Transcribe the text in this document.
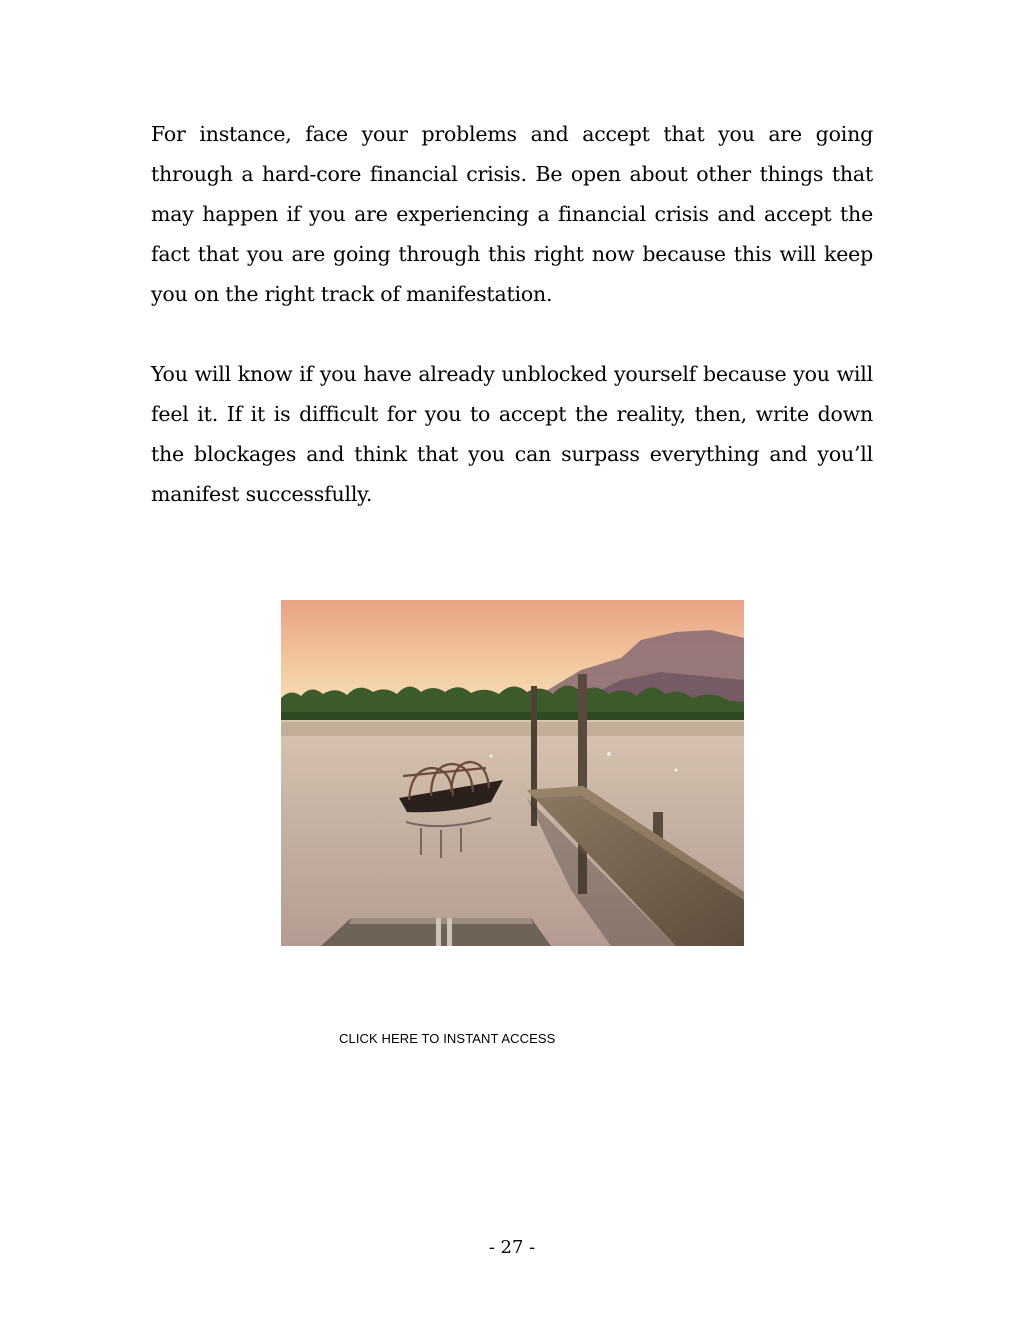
For instance, face your problems and accept that you are going through a hard-core financial crisis. Be open about other things that may happen if you are experiencing a financial crisis and accept the fact that you are going through this right now because this will keep you on the right track of manifestation.

You will know if you have already unblocked yourself because you will feel it. If it is difficult for you to accept the reality, then, write down the blockages and think that you can surpass everything and you’ll manifest successfully.

CLICK HERE TO INSTANT ACCESS
- 27 -
